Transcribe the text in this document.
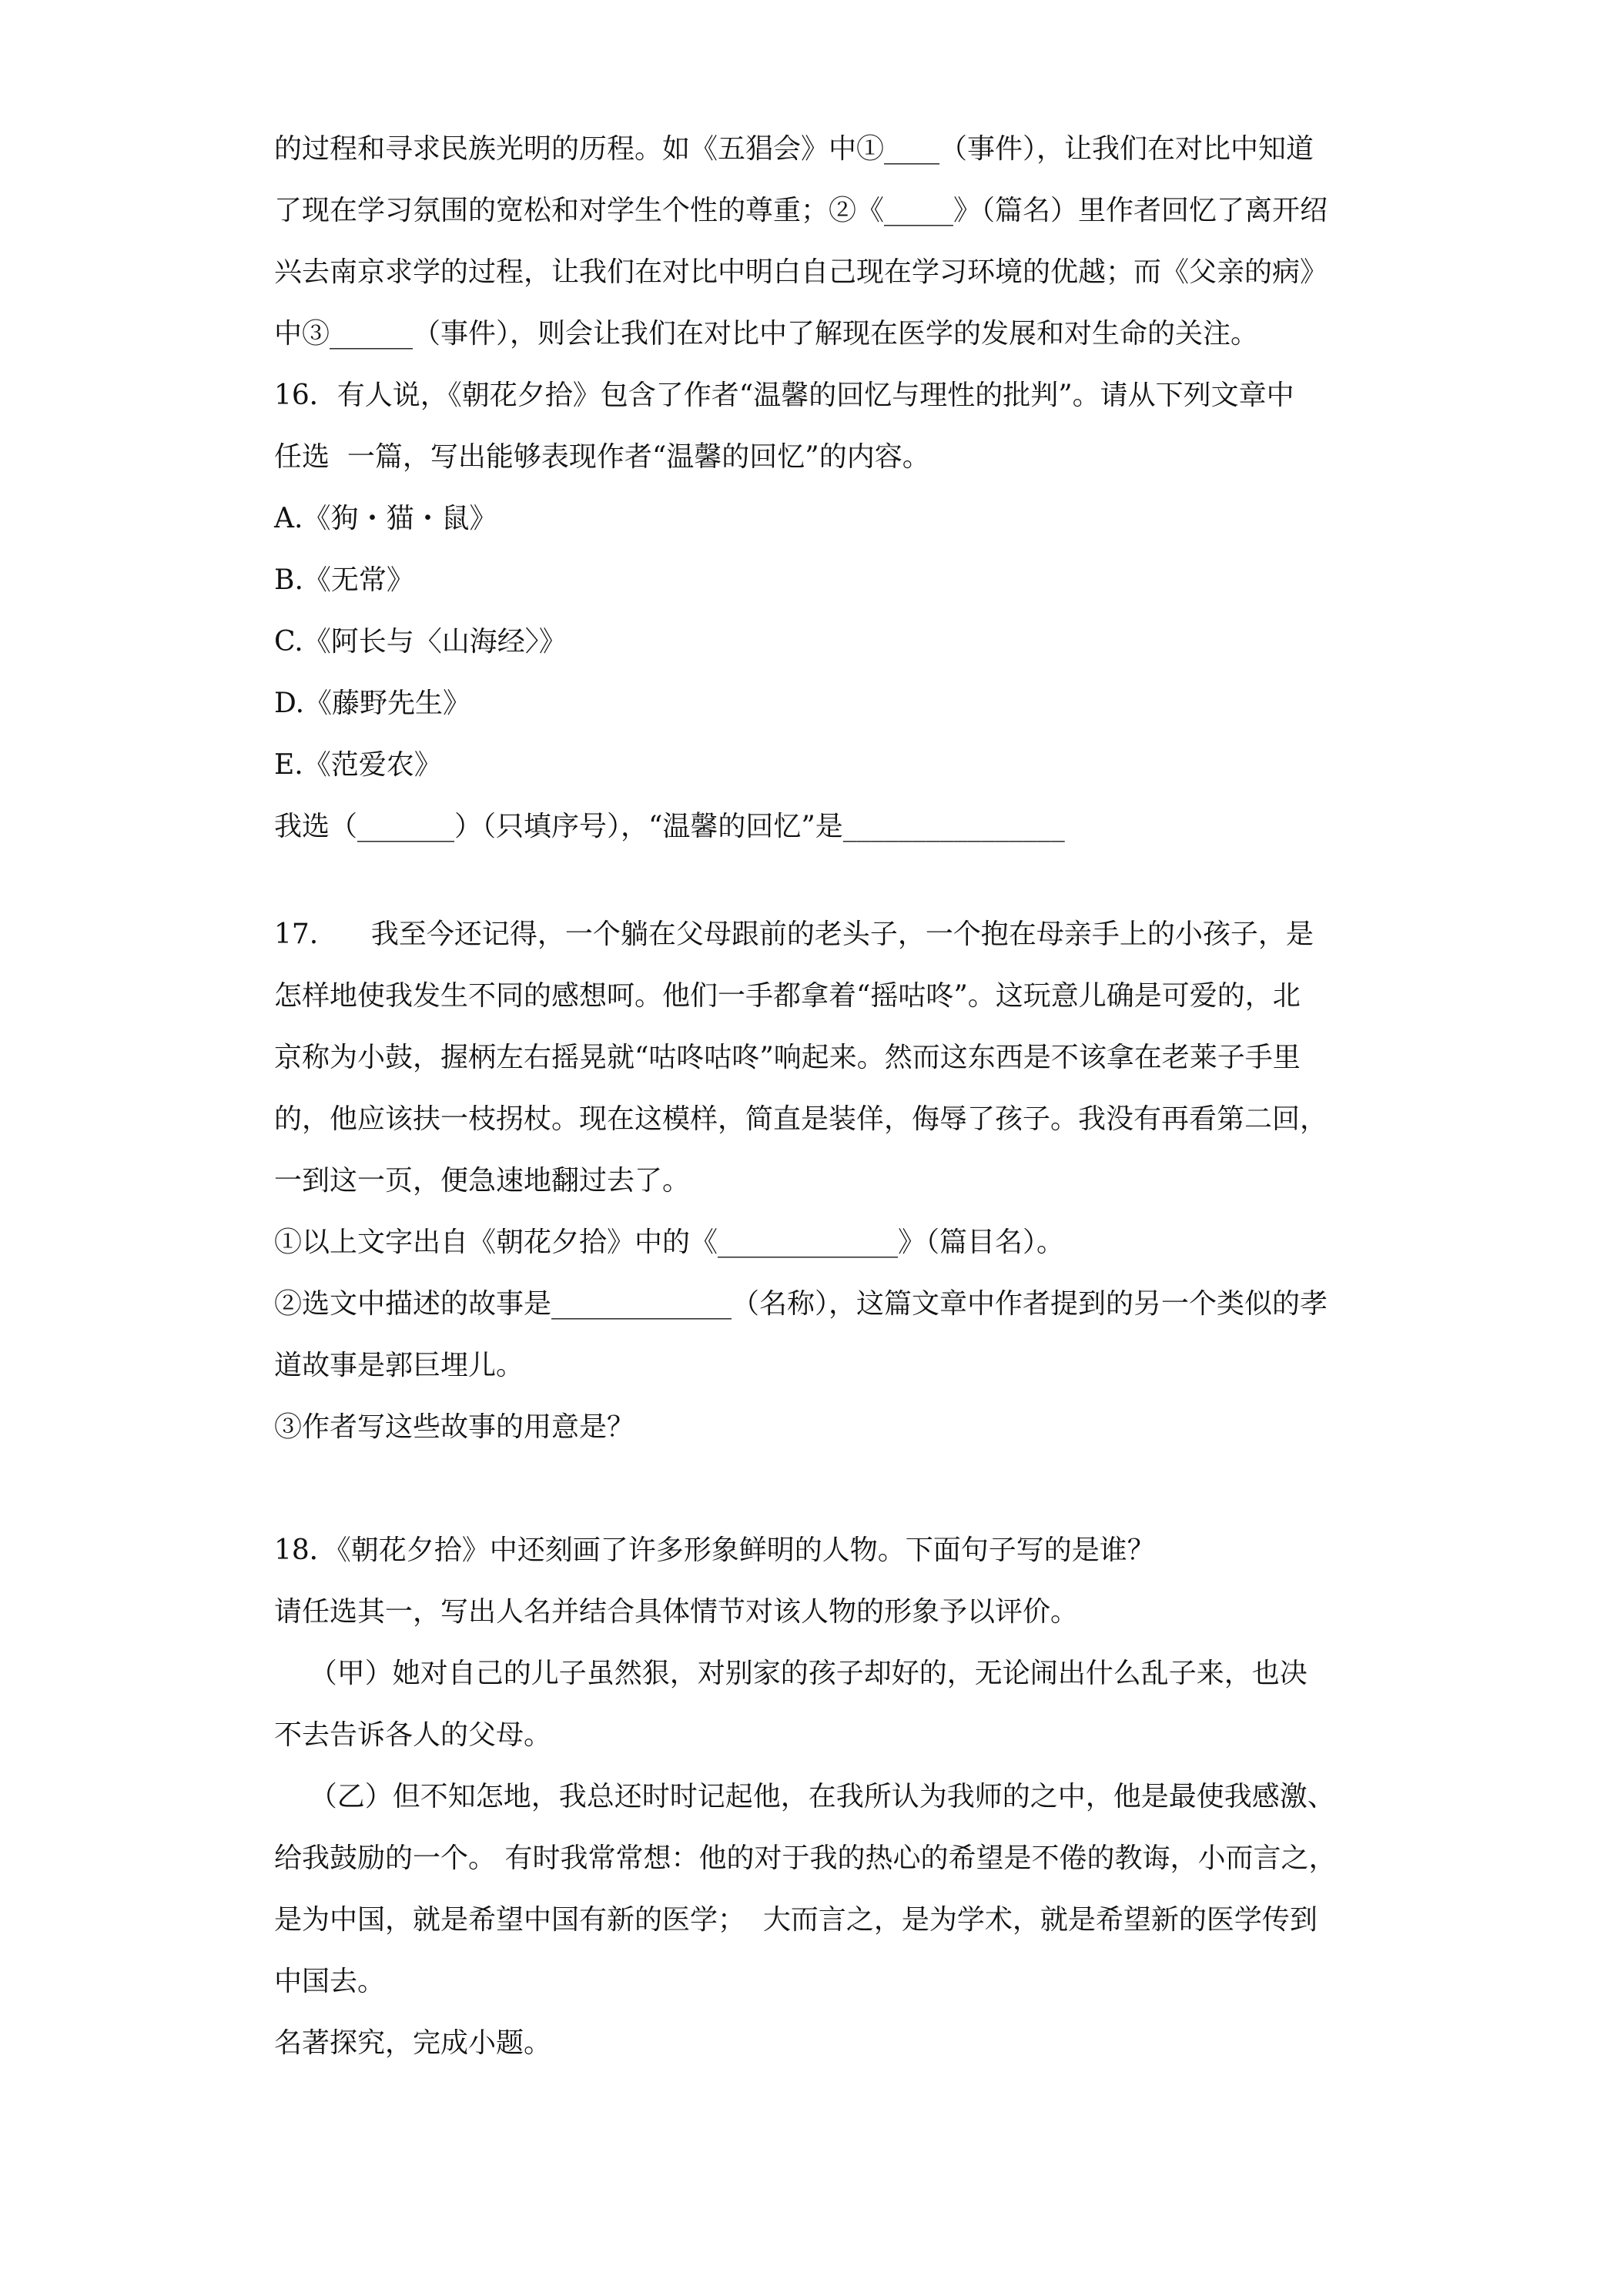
的过程和寻求民族光明的历程。如《五猖会》中①____（事件），让我们在对比中知道
了现在学习氛围的宽松和对学生个性的尊重；②《_____》（篇名）里作者回忆了离开绍
兴去南京求学的过程，让我们在对比中明白自己现在学习环境的优越；而《父亲的病》
中③______（事件），则会让我们在对比中了解现在医学的发展和对生命的关注。
16．有人说，《朝花夕拾》包含了作者“温馨的回忆与理性的批判”。请从下列文章中
任选  一篇，写出能够表现作者“温馨的回忆”的内容。
A.《狗・猫・鼠》
B.《无常》
C.《阿长与〈山海经〉》
D.《藤野先生》
E.《范爱农》
我选（_______）（只填序号），“温馨的回忆”是________________
17.      我至今还记得，一个躺在父母跟前的老头子，一个抱在母亲手上的小孩子，是
怎样地使我发生不同的感想呵。他们一手都拿着“摇咕咚”。这玩意儿确是可爱的，北
京称为小鼓，握柄左右摇晃就“咕咚咕咚”响起来。然而这东西是不该拿在老莱子手里
的，他应该扶一枝拐杖。现在这模样，简直是装佯，侮辱了孩子。我没有再看第二回，
一到这一页，便急速地翻过去了。
①以上文字出自《朝花夕拾》中的《_____________》（篇目名）。
②选文中描述的故事是_____________（名称），这篇文章中作者提到的另一个类似的孝
道故事是郭巨埋儿。
③作者写这些故事的用意是？
18．《朝花夕拾》中还刻画了许多形象鲜明的人物。下面句子写的是谁？
请任选其一，写出人名并结合具体情节对该人物的形象予以评价。
（甲）她对自己的儿子虽然狠，对别家的孩子却好的，无论闹出什么乱子来，也决
不去告诉各人的父母。
（乙）但不知怎地，我总还时时记起他，在我所认为我师的之中，他是最使我感激、
给我鼓励的一个。 有时我常常想：他的对于我的热心的希望是不倦的教诲，小而言之，
是为中国，就是希望中国有新的医学；  大而言之，是为学术，就是希望新的医学传到
中国去。
名著探究，完成小题。
